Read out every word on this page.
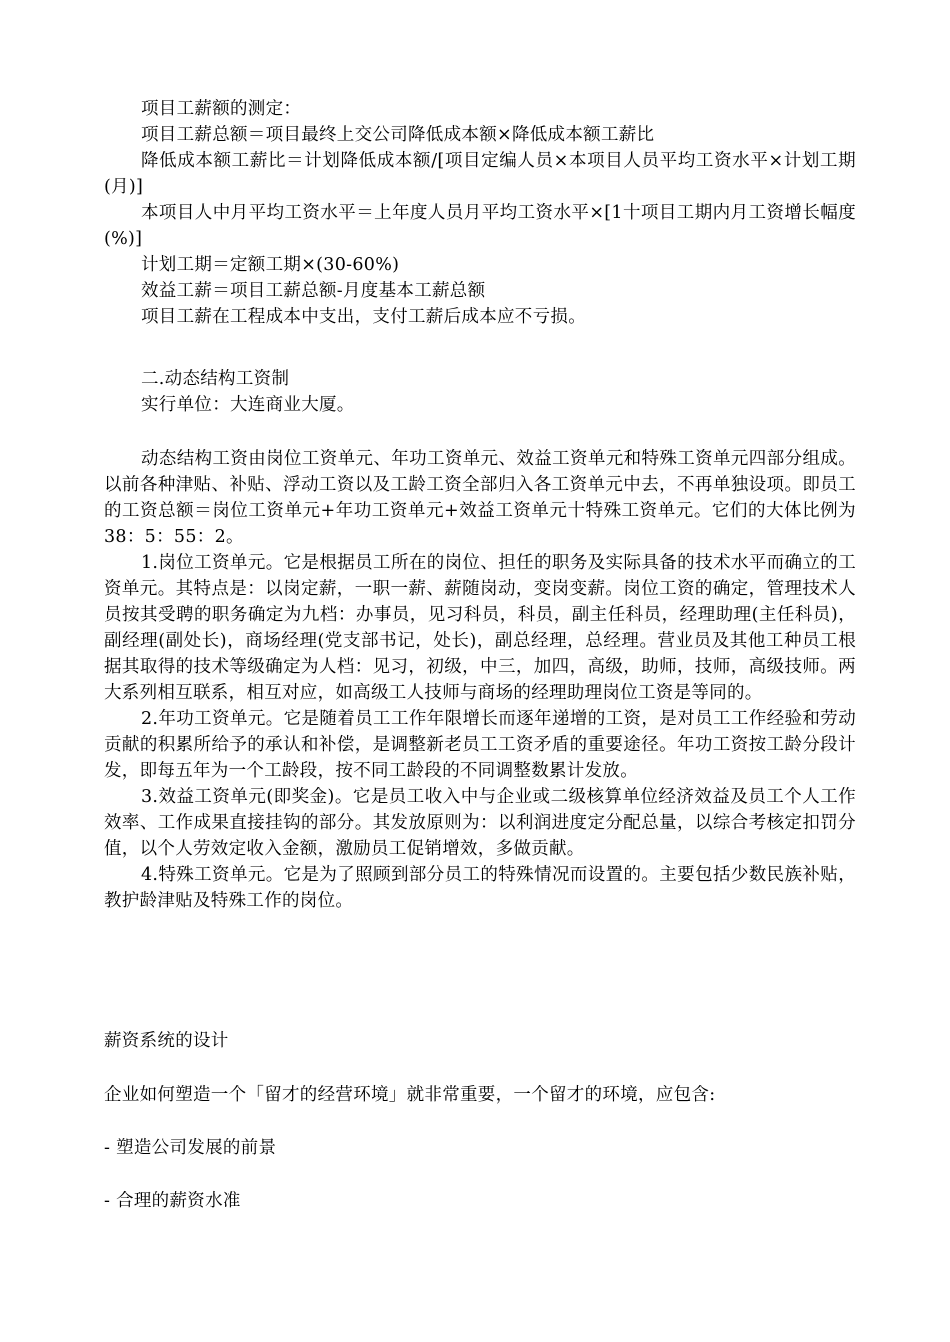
项目工薪额的测定：

项目工薪总额＝项目最终上交公司降低成本额×降低成本额工薪比

降低成本额工薪比＝计划降低成本额/[项目定编人员×本项目人员平均工资水平×计划工期(月)]

本项目人中月平均工资水平＝上年度人员月平均工资水平×[1十项目工期内月工资增长幅度(%)]

计划工期＝定额工期×(30-60%)

效益工薪＝项目工薪总额-月度基本工薪总额

项目工薪在工程成本中支出，支付工薪后成本应不亏损。

二.动态结构工资制

实行单位：大连商业大厦。

动态结构工资由岗位工资单元、年功工资单元、效益工资单元和特殊工资单元四部分组成。以前各种津贴、补贴、浮动工资以及工龄工资全部归入各工资单元中去，不再单独设项。即员工的工资总额＝岗位工资单元+年功工资单元+效益工资单元十特殊工资单元。它们的大体比例为38：5：55：2。

1.岗位工资单元。它是根据员工所在的岗位、担任的职务及实际具备的技术水平而确立的工资单元。其特点是：以岗定薪，一职一薪、薪随岗动，变岗变薪。岗位工资的确定，管理技术人员按其受聘的职务确定为九档：办事员，见习科员，科员，副主任科员，经理助理(主任科员)，副经理(副处长)，商场经理(党支部书记，处长)，副总经理，总经理。营业员及其他工种员工根据其取得的技术等级确定为人档：见习，初级，中三，加四，高级，助师，技师，高级技师。两大系列相互联系，相互对应，如高级工人技师与商场的经理助理岗位工资是等同的。

2.年功工资单元。它是随着员工工作年限增长而逐年递增的工资，是对员工工作经验和劳动贡献的积累所给予的承认和补偿，是调整新老员工工资矛盾的重要途径。年功工资按工龄分段计发，即每五年为一个工龄段，按不同工龄段的不同调整数累计发放。

3.效益工资单元(即奖金)。它是员工收入中与企业或二级核算单位经济效益及员工个人工作效率、工作成果直接挂钩的部分。其发放原则为：以利润进度定分配总量，以综合考核定扣罚分值，以个人劳效定收入金额，激励员工促销增效，多做贡献。

4.特殊工资单元。它是为了照顾到部分员工的特殊情况而设置的。主要包括少数民族补贴，教护龄津贴及特殊工作的岗位。

薪资系统的设计
企业如何塑造一个「留才的经营环境」就非常重要，一个留才的环境，应包含:
- 塑造公司发展的前景
- 合理的薪资水准
